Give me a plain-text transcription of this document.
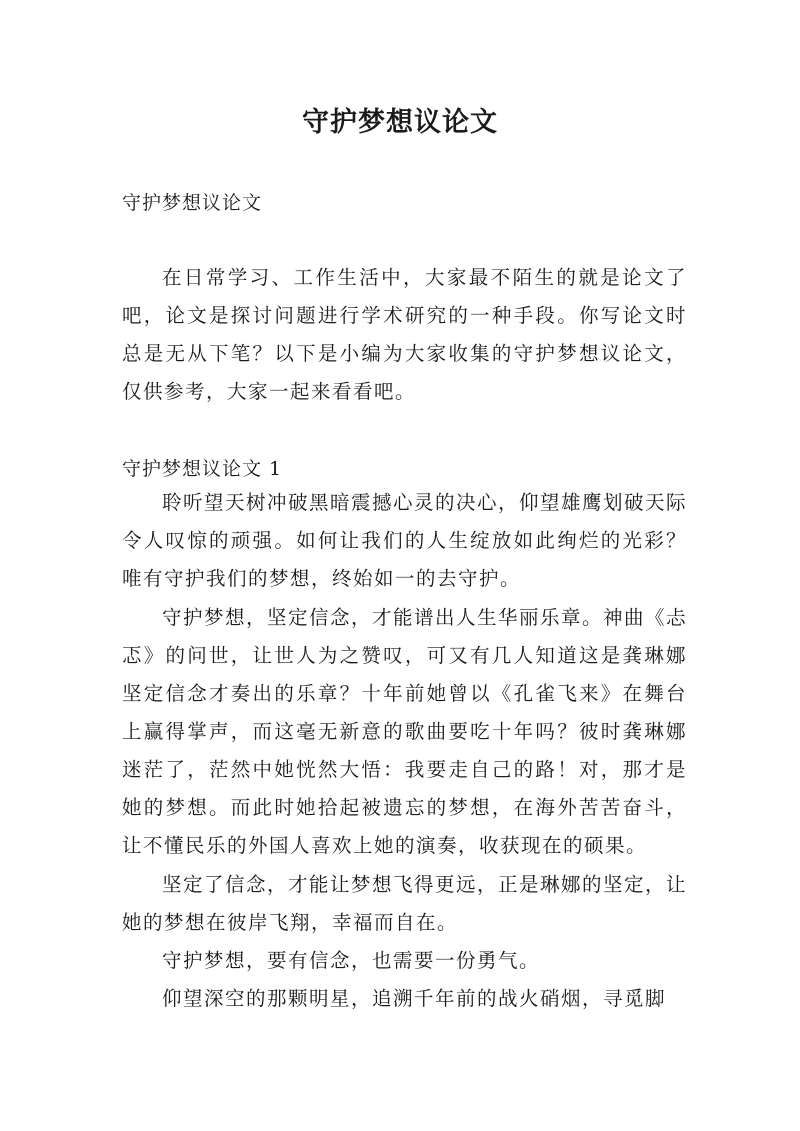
守护梦想议论文

守护梦想议论文

在日常学习、工作生活中，大家最不陌生的就是论文了吧，论文是探讨问题进行学术研究的一种手段。你写论文时总是无从下笔？以下是小编为大家收集的守护梦想议论文，仅供参考，大家一起来看看吧。

守护梦想议论文 1

聆听望天树冲破黑暗震撼心灵的决心，仰望雄鹰划破天际令人叹惊的顽强。如何让我们的人生绽放如此绚烂的光彩？唯有守护我们的梦想，终始如一的去守护。

守护梦想，坚定信念，才能谱出人生华丽乐章。神曲《忐忑》的问世，让世人为之赞叹，可又有几人知道这是龚琳娜坚定信念才奏出的乐章？十年前她曾以《孔雀飞来》在舞台上赢得掌声，而这毫无新意的歌曲要吃十年吗？彼时龚琳娜迷茫了，茫然中她恍然大悟：我要走自己的路！对，那才是她的梦想。而此时她拾起被遗忘的梦想，在海外苦苦奋斗，让不懂民乐的外国人喜欢上她的演奏，收获现在的硕果。

坚定了信念，才能让梦想飞得更远，正是琳娜的坚定，让她的梦想在彼岸飞翔，幸福而自在。

守护梦想，要有信念，也需要一份勇气。

仰望深空的那颗明星，追溯千年前的战火硝烟，寻觅脚
